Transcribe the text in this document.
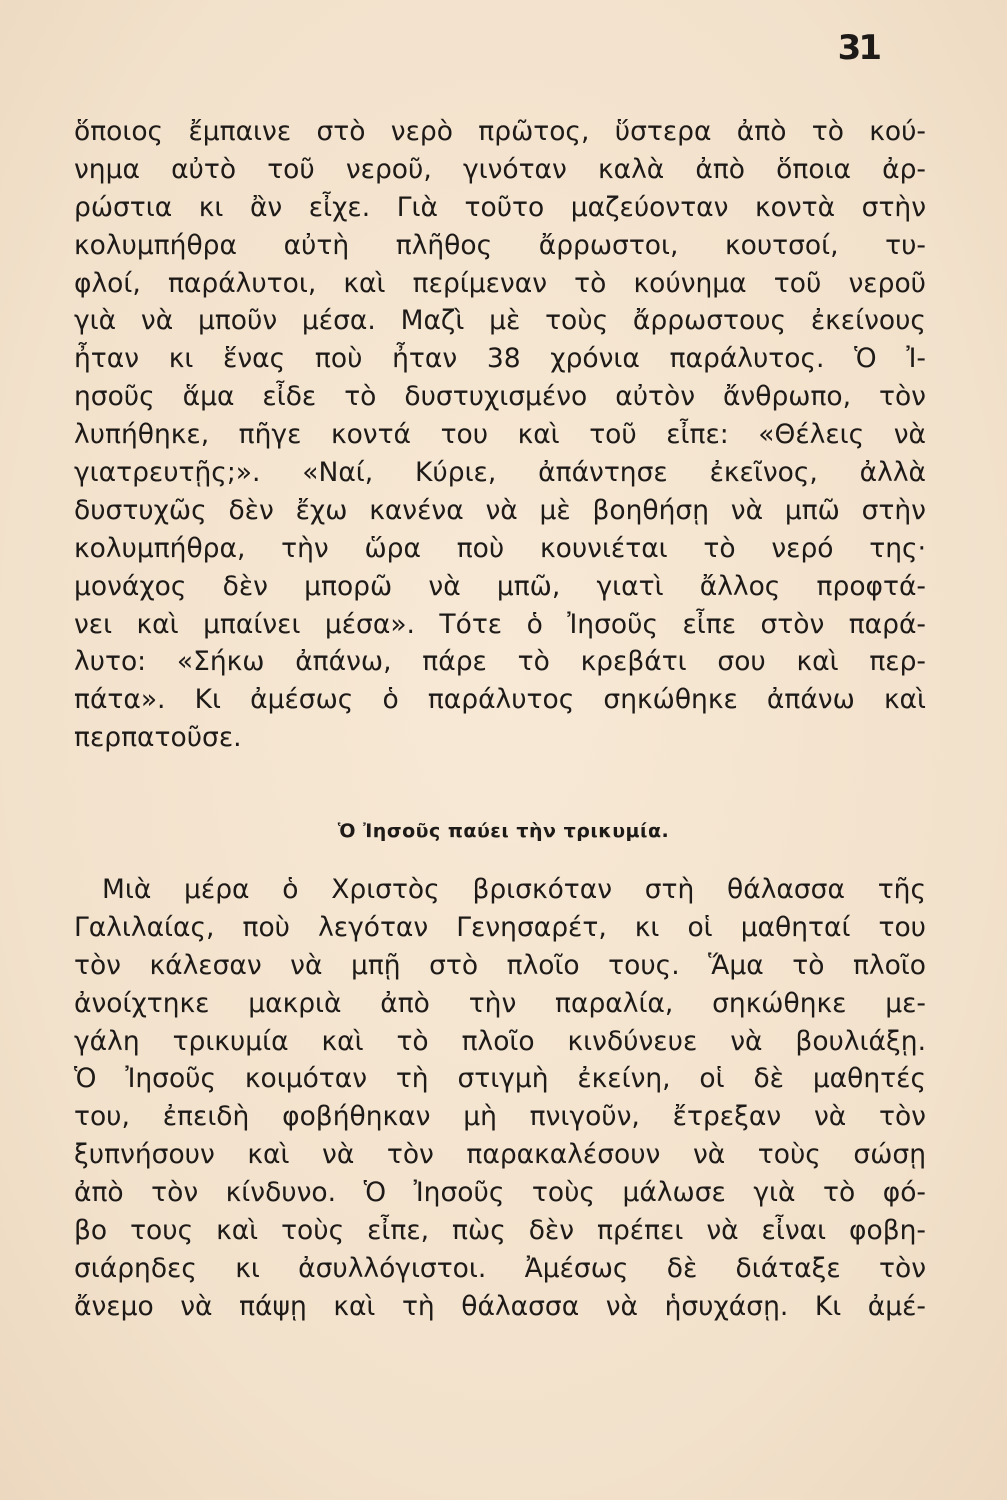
31
ὅποιος ἔμπαινε στὸ νερὸ πρῶτος, ὕστερα ἀπὸ τὸ κού-
νημα αὐτὸ τοῦ νεροῦ, γινόταν καλὰ ἀπὸ ὅποια ἀρ-
ρώστια κι ἂν εἶχε. Γιὰ τοῦτο μαζεύονταν κοντὰ στὴν
κολυμπήθρα αὐτὴ πλῆθος ἄρρωστοι, κουτσοί, τυ-
φλοί, παράλυτοι, καὶ περίμεναν τὸ κούνημα τοῦ νεροῦ
γιὰ νὰ μποῦν μέσα. Μαζὶ μὲ τοὺς ἄρρωστους ἐκείνους
ἦταν κι ἕνας ποὺ ἦταν 38 χρόνια παράλυτος. Ὁ Ἰ-
ησοῦς ἅμα εἶδε τὸ δυστυχισμένο αὐτὸν ἄνθρωπο, τὸν
λυπήθηκε, πῆγε κοντά του καὶ τοῦ εἶπε: «Θέλεις νὰ
γιατρευτῇς;». «Ναί, Κύριε, ἀπάντησε ἐκεῖνος, ἀλλὰ
δυστυχῶς δὲν ἔχω κανένα νὰ μὲ βοηθήσῃ νὰ μπῶ στὴν
κολυμπήθρα, τὴν ὥρα ποὺ κουνιέται τὸ νερό της·
μονάχος δὲν μπορῶ νὰ μπῶ, γιατὶ ἄλλος προφτά-
νει καὶ μπαίνει μέσα». Τότε ὁ Ἰησοῦς εἶπε στὸν παρά-
λυτο: «Σήκω ἀπάνω, πάρε τὸ κρεβάτι σου καὶ περ-
πάτα». Κι ἀμέσως ὁ παράλυτος σηκώθηκε ἀπάνω καὶ
περπατοῦσε.
Ὁ Ἰησοῦς παύει τὴν τρικυμία.
Μιὰ μέρα ὁ Χριστὸς βρισκόταν στὴ θάλασσα τῆς
Γαλιλαίας, ποὺ λεγόταν Γενησαρέτ, κι οἱ μαθηταί του
τὸν κάλεσαν νὰ μπῇ στὸ πλοῖο τους. Ἅμα τὸ πλοῖο
ἀνοίχτηκε μακριὰ ἀπὸ τὴν παραλία, σηκώθηκε με-
γάλη τρικυμία καὶ τὸ πλοῖο κινδύνευε νὰ βουλιάξῃ.
Ὁ Ἰησοῦς κοιμόταν τὴ στιγμὴ ἐκείνη, οἱ δὲ μαθητές
του, ἐπειδὴ φοβήθηκαν μὴ πνιγοῦν, ἔτρεξαν νὰ τὸν
ξυπνήσουν καὶ νὰ τὸν παρακαλέσουν νὰ τοὺς σώσῃ
ἀπὸ τὸν κίνδυνο. Ὁ Ἰησοῦς τοὺς μάλωσε γιὰ τὸ φό-
βο τους καὶ τοὺς εἶπε, πὼς δὲν πρέπει νὰ εἶναι φοβη-
σιάρηδες κι ἀσυλλόγιστοι. Ἀμέσως δὲ διάταξε τὸν
ἄνεμο νὰ πάψῃ καὶ τὴ θάλασσα νὰ ἡσυχάσῃ. Κι ἀμέ-
